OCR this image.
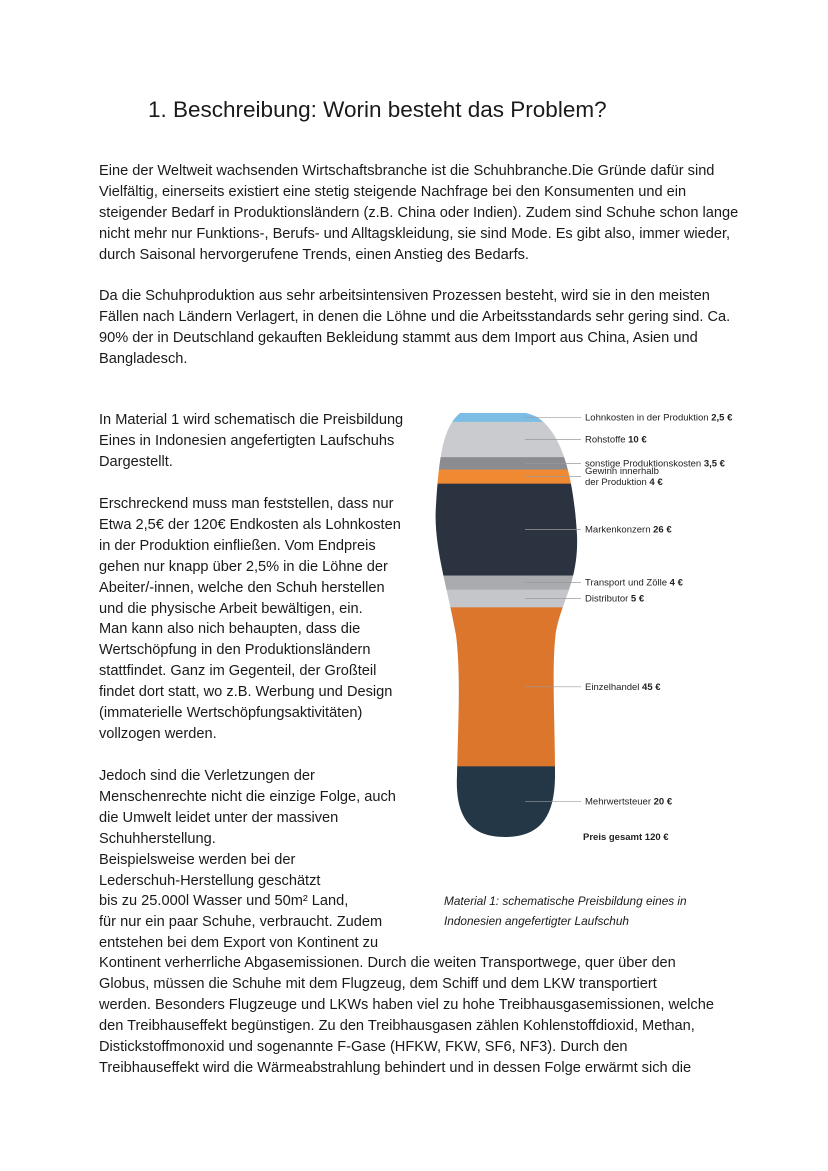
1. Beschreibung: Worin besteht das Problem?

Eine der Weltweit wachsenden Wirtschaftsbranche ist die Schuhbranche.Die Gründe dafür sind Vielfältig, einerseits existiert eine stetig steigende Nachfrage bei den Konsumenten und ein steigender Bedarf in Produktionsländern (z.B. China oder Indien). Zudem sind Schuhe schon lange nicht mehr nur Funktions-, Berufs- und Alltagskleidung, sie sind Mode. Es gibt also, immer wieder, durch Saisonal hervorgerufene Trends, einen Anstieg des Bedarfs.

Da die Schuhproduktion aus sehr arbeitsintensiven Prozessen besteht, wird sie in den meisten Fällen nach Ländern Verlagert, in denen die Löhne und die Arbeitsstandards sehr gering sind. Ca. 90% der in Deutschland gekauften Bekleidung stammt aus dem Import aus China, Asien und Bangladesch.

In Material 1 wird schematisch die Preisbildung
Eines in Indonesien angefertigten Laufschuhs
Dargestellt.
Erschreckend muss man feststellen, dass nur
Etwa 2,5€ der 120€ Endkosten als Lohnkosten
in der Produktion einfließen. Vom Endpreis
gehen nur knapp über 2,5% in die Löhne der
Abeiter/-innen, welche den Schuh herstellen
und die physische Arbeit bewältigen, ein.
Man kann also nich behaupten, dass die
Wertschöpfung in den Produktionsländern
stattfindet. Ganz im Gegenteil, der Großteil
findet dort statt, wo z.B. Werbung und Design
(immaterielle Wertschöpfungsaktivitäten)
vollzogen werden.
Jedoch sind die Verletzungen der
Menschenrechte nicht die einzige Folge, auch
die Umwelt leidet unter der massiven
Schuhherstellung.
Beispielsweise werden bei der
Lederschuh-Herstellung geschätzt
bis zu 25.000l Wasser und 50m² Land,
für nur ein paar Schuhe, verbraucht. Zudem
entstehen bei dem Export von Kontinent zu
Kontinent verherrliche Abgasemissionen. Durch die weiten Transportwege, quer über den
Globus, müssen die Schuhe mit dem Flugzeug, dem Schiff und dem LKW transportiert
werden. Besonders Flugzeuge und LKWs haben viel zu hohe Treibhausgasemissionen, welche
den Treibhauseffekt begünstigen. Zu den Treibhausgasen zählen Kohlenstoffdioxid, Methan,
Distickstoffmonoxid und sogenannte F-Gase (HFKW, FKW, SF6, NF3). Durch den
Treibhauseffekt wird die Wärmeabstrahlung behindert und in dessen Folge erwärmt sich die
Lohnkosten in der Produktion 2,5 €
Rohstoffe 10 €
sonstige Produktionskosten 3,5 €
Gewinn innerhalb der Produktion 4 €
Markenkonzern 26 €
Transport und Zölle 4 €
Distributor 5 €
Einzelhandel 45 €
Mehrwertsteuer 20 €
Preis gesamt 120 €
Material 1: schematische Preisbildung eines in
Indonesien angefertigter Laufschuh
